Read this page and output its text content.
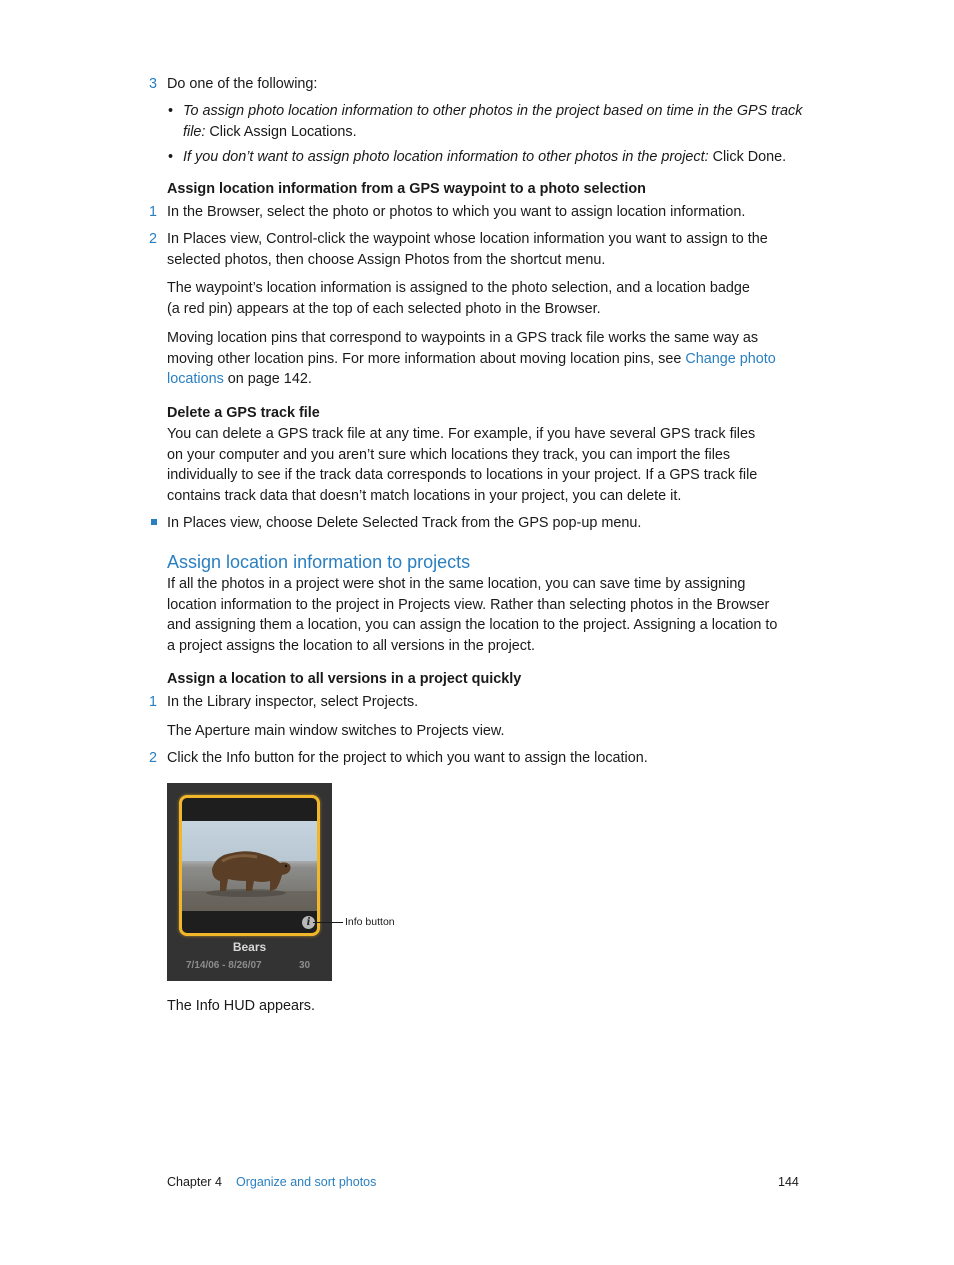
3 Do one of the following:
• To assign photo location information to other photos in the project based on time in the GPS track
file: Click Assign Locations.
• If you don’t want to assign photo location information to other photos in the project: Click Done.
Assign location information from a GPS waypoint to a photo selection
1 In the Browser, select the photo or photos to which you want to assign location information.
2 In Places view, Control-click the waypoint whose location information you want to assign to the
selected photos, then choose Assign Photos from the shortcut menu.
The waypoint’s location information is assigned to the photo selection, and a location badge
(a red pin) appears at the top of each selected photo in the Browser.
Moving location pins that correspond to waypoints in a GPS track file works the same way as
moving other location pins. For more information about moving location pins, see Change photo
locations on page 142.
Delete a GPS track file
You can delete a GPS track file at any time. For example, if you have several GPS track files
on your computer and you aren’t sure which locations they track, you can import the files
individually to see if the track data corresponds to locations in your project. If a GPS track file
contains track data that doesn’t match locations in your project, you can delete it.
In Places view, choose Delete Selected Track from the GPS pop-up menu.
Assign location information to projects
If all the photos in a project were shot in the same location, you can save time by assigning
location information to the project in Projects view. Rather than selecting photos in the Browser
and assigning them a location, you can assign the location to the project. Assigning a location to
a project assigns the location to all versions in the project.
Assign a location to all versions in a project quickly
1 In the Library inspector, select Projects.
The Aperture main window switches to Projects view.
2 Click the Info button for the project to which you want to assign the location.
i
Bears
7/14/06 - 8/26/07	30
Info button
The Info HUD appears.
Chapter 4 Organize and sort photos	144
